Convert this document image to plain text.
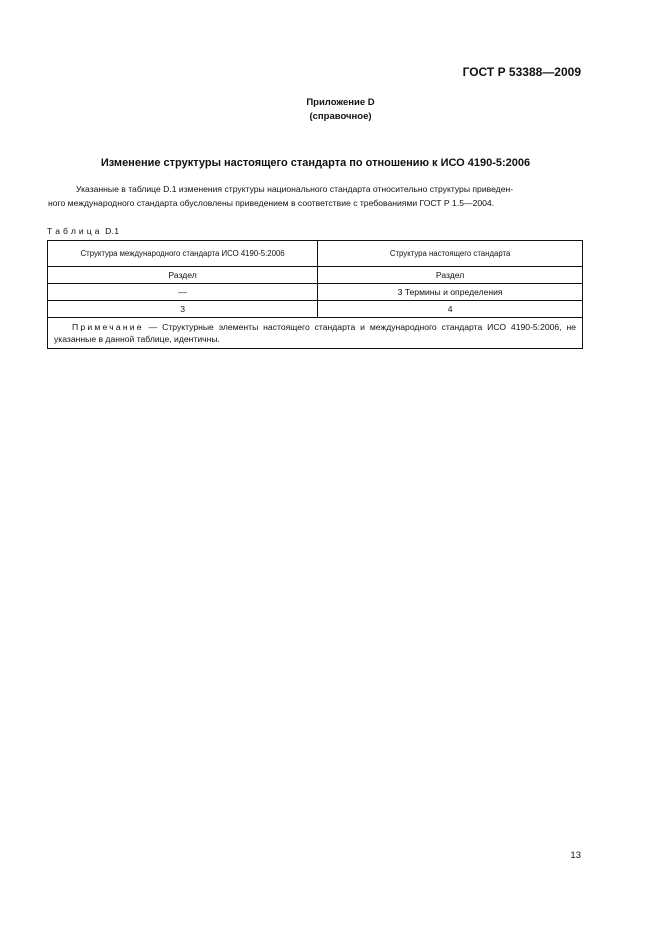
ГОСТ Р 53388—2009
Приложение D
(справочное)
Изменение структуры настоящего стандарта по отношению к ИСО 4190-5:2006
Указанные в таблице D.1 изменения структуры национального стандарта относительно структуры приведен-
ного международного стандарта обусловлены приведением в соответствие с требованиями ГОСТ Р 1.5—2004.
Т а б л и ц а  D.1
Структура международного стандарта ИСО 4190-5:2006	Структура настоящего стандарта
Раздел	Раздел
—	3 Термины и определения
3	4
Примечание — Структурные элементы настоящего стандарта и международного стандарта ИСО 4190-5:2006, не указанные в данной таблице, идентичны.	
13
